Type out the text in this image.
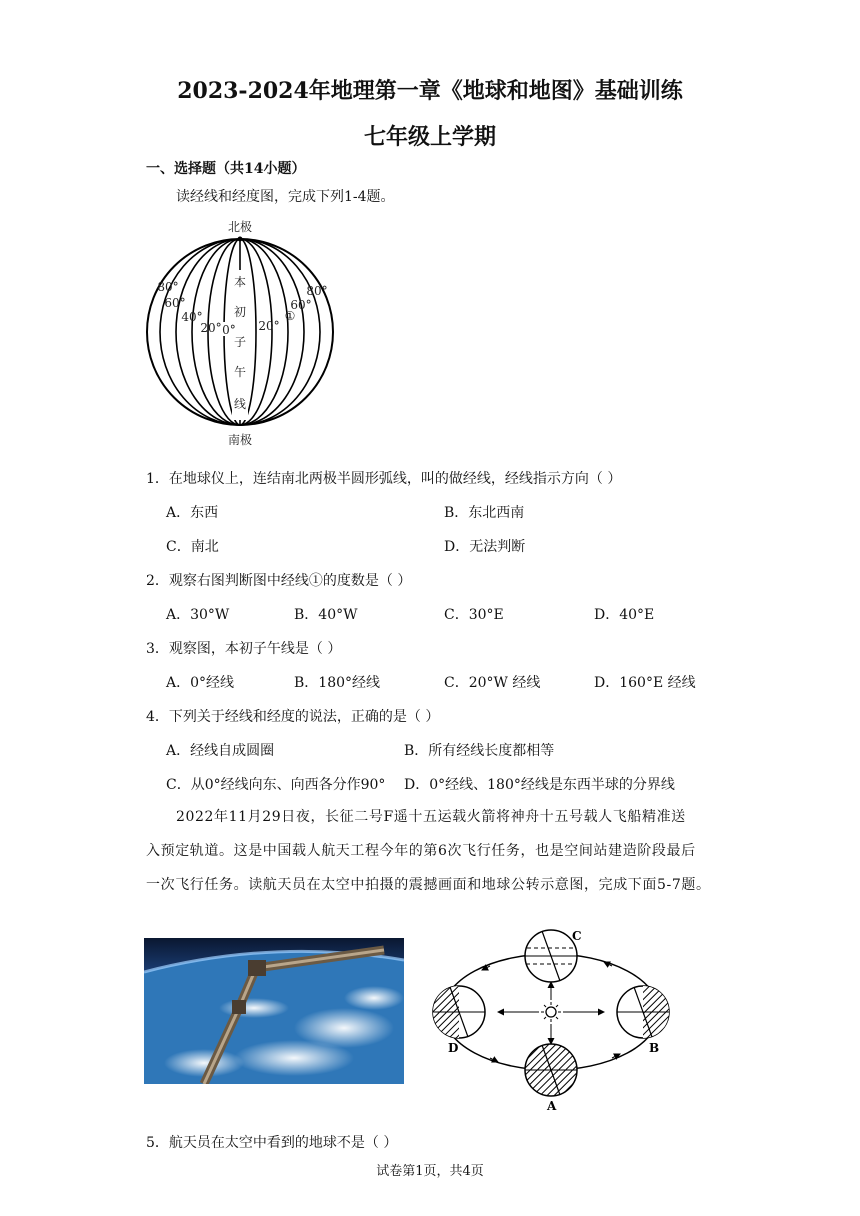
2023-2024年地理第一章《地球和地图》基础训练
七年级上学期
一、选择题（共14小题）
读经线和经度图，完成下列1-4题。
北极
南极
本
初
子
午
线
0°
80°
60°
40°
20°
80°
60°
20°
①
1．在地球仪上，连结南北两极半圆形弧线，叫的做经线，经线指示方向（ ）
A．东西	B．东北西南
C．南北	D．无法判断
2．观察右图判断图中经线①的度数是（ ）
A．30°W	B．40°W	C．30°E	D．40°E
3．观察图，本初子午线是（ ）
A．0°经线	B．180°经线	C．20°W 经线	D．160°E 经线
4．下列关于经线和经度的说法，正确的是（ ）
A．经线自成圆圈	B．所有经线长度都相等
C．从0°经线向东、向西各分作90° D．0°经线、180°经线是东西半球的分界线
2022年11月29日夜，长征二号F遥十五运载火箭将神舟十五号载人飞船精准送
入预定轨道。这是中国载人航天工程今年的第6次飞行任务，也是空间站建造阶段最后
一次飞行任务。读航天员在太空中拍摄的震撼画面和地球公转示意图，完成下面5-7题。
C
B
D
A
5．航天员在太空中看到的地球不是（ ）
试卷第1页，共4页
